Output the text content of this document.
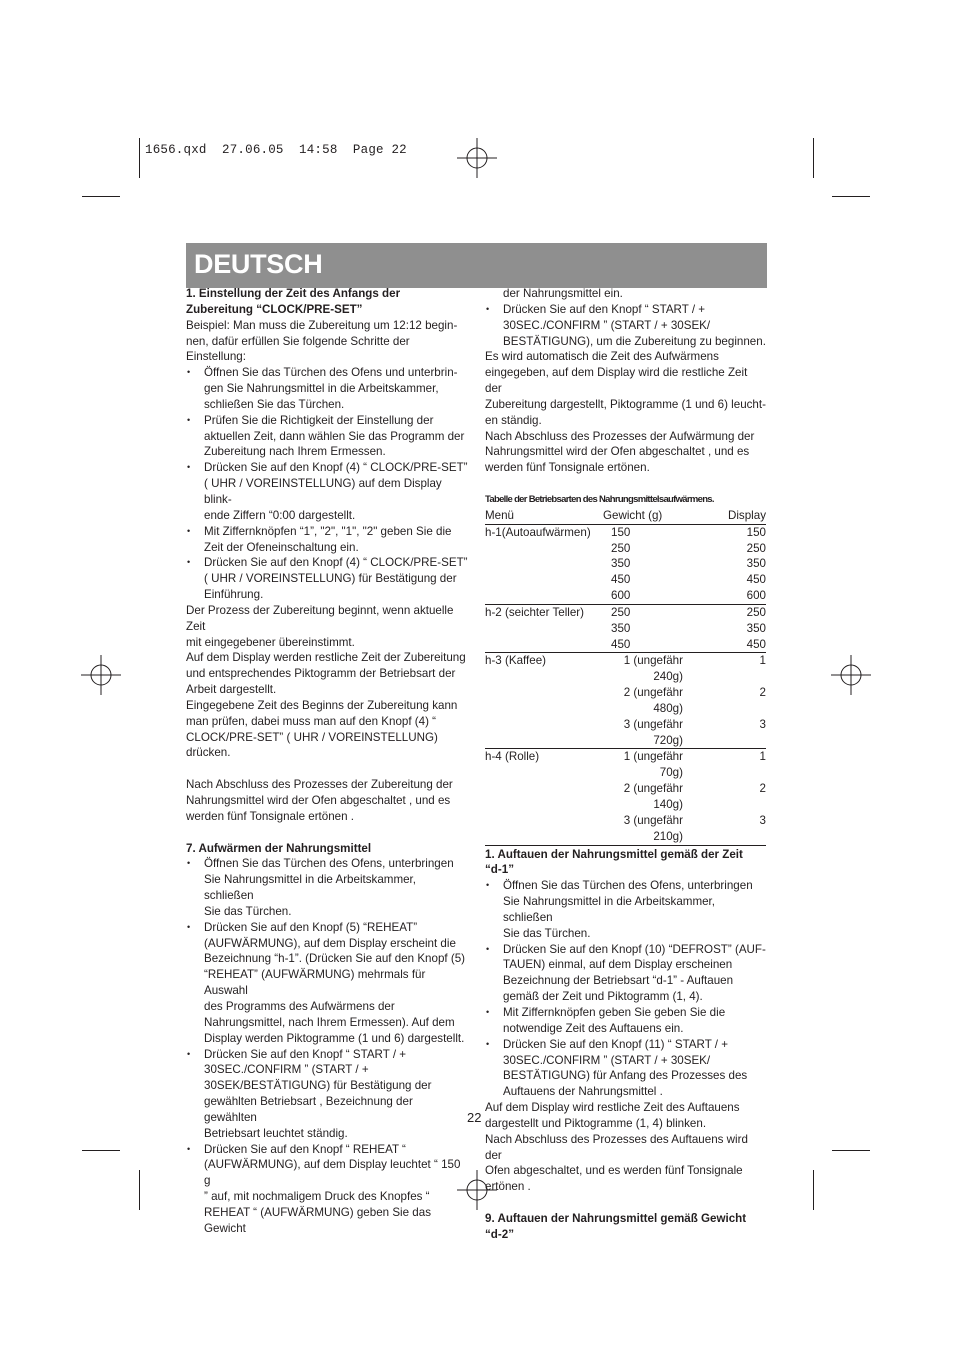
1656.qxd  27.06.05  14:58  Page 22
DEUTSCH

1. Einstellung der Zeit des Anfangs der

Zubereitung “CLOCK/PRE-SET”

Beispiel: Man muss die Zubereitung um 12:12 begin-

nen, dafür erfüllen Sie folgende Schritte der Einstellung:

• Öffnen Sie das Türchen des Ofens und unterbrin-

gen Sie Nahrungsmittel in die Arbeitskammer,

schließen Sie das Türchen.

• Prüfen Sie die Richtigkeit der Einstellung der

aktuellen Zeit, dann wählen Sie das Programm der

Zubereitung nach Ihrem Ermessen.

• Drücken Sie auf den Knopf (4) “ CLOCK/PRE-SET”

( UHR / VOREINSTELLUNG) auf dem Display blink-

ende Ziffern “0:00 dargestellt.

• Mit Ziffernknöpfen “1”, "2", "1", "2" geben Sie die

Zeit der Ofeneinschaltung ein.

• Drücken Sie auf den Knopf (4) “ CLOCK/PRE-SET”

( UHR / VOREINSTELLUNG) für Bestätigung der

Einführung.

Der Prozess der Zubereitung beginnt, wenn aktuelle Zeit

mit eingegebener übereinstimmt.

Auf dem Display werden restliche Zeit der Zubereitung

und entsprechendes Piktogramm der Betriebsart der

Arbeit dargestellt.

Eingegebene Zeit des Beginns der Zubereitung kann

man prüfen, dabei muss man auf den Knopf (4) “

CLOCK/PRE-SET” ( UHR / VOREINSTELLUNG) drücken.

Nach Abschluss des Prozesses der Zubereitung der

Nahrungsmittel wird der Ofen abgeschaltet , und es

werden fünf Tonsignale ertönen .

7. Aufwärmen der Nahrungsmittel

• Öffnen Sie das Türchen des Ofens, unterbringen

Sie Nahrungsmittel in die Arbeitskammer, schließen

Sie das Türchen.

• Drücken Sie auf den Knopf (5) “REHEAT”

(AUFWÄRMUNG), auf dem Display erscheint die

Bezeichnung “h-1”. (Drücken Sie auf den Knopf (5)

“REHEAT” (AUFWÄRMUNG) mehrmals für Auswahl

des Programms des Aufwärmens der

Nahrungsmittel, nach Ihrem Ermessen). Auf dem

Display werden Piktogramme (1 und 6) dargestellt.

• Drücken Sie auf den Knopf “ START / +

30SEC./CONFIRM ” (START / +

30SEK/BESTÄTIGUNG) für Bestätigung der

gewählten Betriebsart , Bezeichnung der gewählten

Betriebsart leuchtet ständig.

• Drücken Sie auf den Knopf “ REHEAT “

(AUFWÄRMUNG), auf dem Display leuchtet “ 150 g

” auf, mit nochmaligem Druck des Knopfes “

REHEAT “ (AUFWÄRMUNG) geben Sie das Gewicht

der Nahrungsmittel ein.

• Drücken Sie auf den Knopf “ START / +

30SEC./CONFIRM ” (START / + 30SEK/

BESTÄTIGUNG), um die Zubereitung zu beginnen.

Es wird automatisch die Zeit des Aufwärmens

eingegeben, auf dem Display wird die restliche Zeit der

Zubereitung dargestellt, Piktogramme (1 und 6) leucht-

en ständig.

Nach Abschluss des Prozesses der Aufwärmung der

Nahrungsmittel wird der Ofen abgeschaltet , und es

werden fünf Tonsignale ertönen.

Tabelle der Betriebsarten des Nahrungsmittelsaufwärmens.

Menü	Gewicht (g)	Display
h-1(Autoaufwärmen)	150	150
	250	250
	350	350
	450	450
	600	600
h-2 (seichter Teller)	250	250
	350	350
	450	450
h-3 (Kaffee)	1 (ungefähr 240g)	1
	2 (ungefähr 480g)	2
	3 (ungefähr 720g)	3
h-4 (Rolle)	1 (ungefähr 70g)	1
	2 (ungefähr 140g)	2
	3 (ungefähr 210g)	3

1. Auftauen der Nahrungsmittel gemäß der Zeit

“d-1”

• Öffnen Sie das Türchen des Ofens, unterbringen

Sie Nahrungsmittel in die Arbeitskammer, schließen

Sie das Türchen.

• Drücken Sie auf den Knopf (10) “DEFROST” (AUF-

TAUEN) einmal, auf dem Display erscheinen

Bezeichnung der Betriebsart “d-1” - Auftauen

gemäß der Zeit und Piktogramm (1, 4).

• Mit Ziffernknöpfen geben Sie geben Sie die

notwendige Zeit des Auftauens ein.

• Drücken Sie auf den Knopf (11) “ START / +

30SEC./CONFIRM ” (START / + 30SEK/

BESTÄTIGUNG) für Anfang des Prozesses des

Auftauens der Nahrungsmittel .

Auf dem Display wird restliche Zeit des Auftauens

dargestellt und Piktogramme (1, 4) blinken.

Nach Abschluss des Prozesses des Auftauens wird der

Ofen abgeschaltet, und es werden fünf Tonsignale

ertönen .

9. Auftauen der Nahrungsmittel gemäß Gewicht

“d-2”

22
